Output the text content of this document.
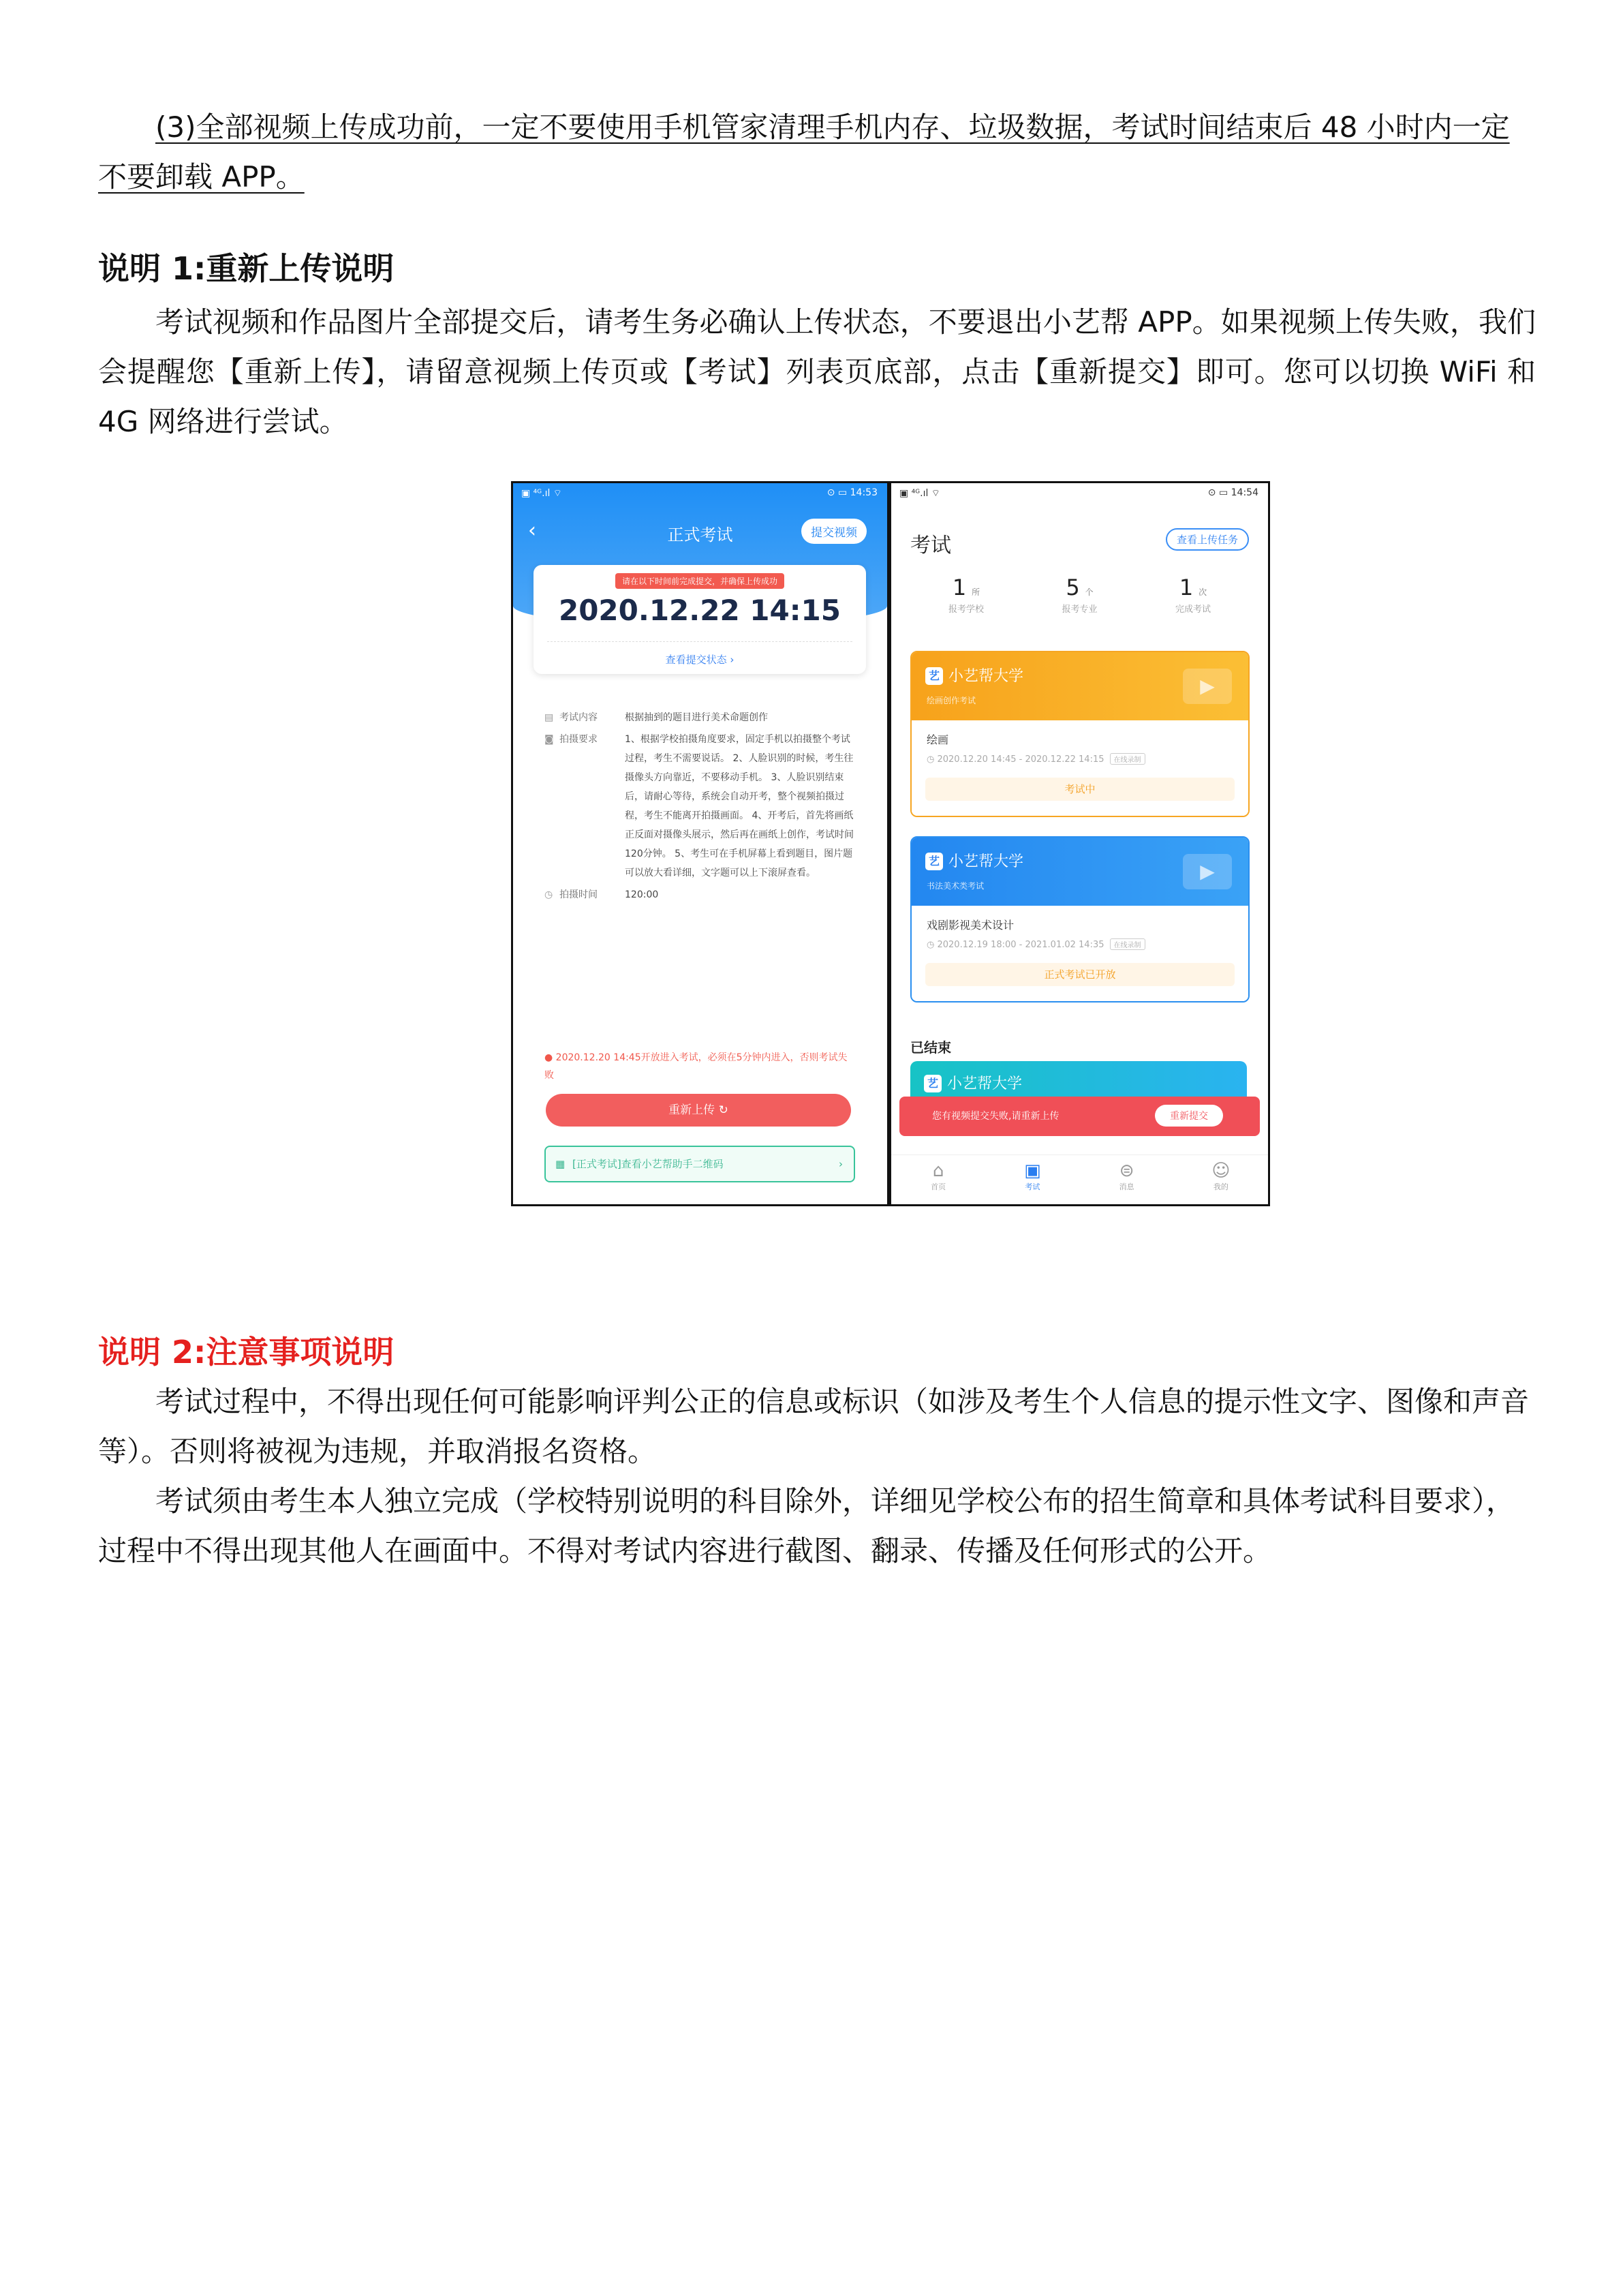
(3)全部视频上传成功前，一定不要使用手机管家清理手机内存、垃圾数据，考试时间结束后 48 小时内一定不要卸载 APP。

说明 1:重新上传说明

考试视频和作品图片全部提交后，请考生务必确认上传状态，不要退出小艺帮 APP。如果视频上传失败，我们会提醒您【重新上传】，请留意视频上传页或【考试】列表页底部，点击【重新提交】即可。您可以切换 WiFi 和 4G 网络进行尝试。

▣ ⁴ᴳ.ıl ⌔	⊙ ▭ 14:53
‹	正式考试	提交视频
请在以下时间前完成提交，并确保上传成功
2020.12.22 14:15
查看提交状态 ›
▤ 考试内容	根据抽到的题目进行美术命题创作
◙ 拍摄要求	1、根据学校拍摄角度要求，固定手机以拍摄整个考试过程，考生不需要说话。 2、人脸识别的时候，考生往摄像头方向靠近，不要移动手机。 3、人脸识别结束后，请耐心等待，系统会自动开考，整个视频拍摄过程，考生不能离开拍摄画面。 4、开考后，首先将画纸正反面对摄像头展示，然后再在画纸上创作，考试时间120分钟。 5、考生可在手机屏幕上看到题目，图片题可以放大看详细，文字题可以上下滚屏查看。
◷ 拍摄时间	120:00
● 2020.12.20 14:45开放进入考试，必须在5分钟内进入，否则考试失败
重新上传 ↻
▦ [正式考试]查看小艺帮助手二维码	›
▣ ⁴ᴳ.ıl ⌔	⊙ ▭ 14:54
考试	查看上传任务
1 所
报考学校
5 个
报考专业
1 次
完成考试
艺 小艺帮大学
绘画创作考试
▶
绘画
◷ 2020.12.20 14:45 - 2020.12.22 14:15 在线录制
考试中
艺 小艺帮大学
书法美术类考试
▶
戏剧影视美术设计
◷ 2020.12.19 18:00 - 2021.01.02 14:35 在线录制
正式考试已开放
已结束
艺 小艺帮大学
您有视频提交失败,请重新上传	重新提交
⌂
首页
▣
考试
⊜
消息
☺
我的

说明 2:注意事项说明

考试过程中，不得出现任何可能影响评判公正的信息或标识（如涉及考生个人信息的提示性文字、图像和声音等）。否则将被视为违规，并取消报名资格。

考试须由考生本人独立完成（学校特别说明的科目除外，详细见学校公布的招生简章和具体考试科目要求），过程中不得出现其他人在画面中。不得对考试内容进行截图、翻录、传播及任何形式的公开。
